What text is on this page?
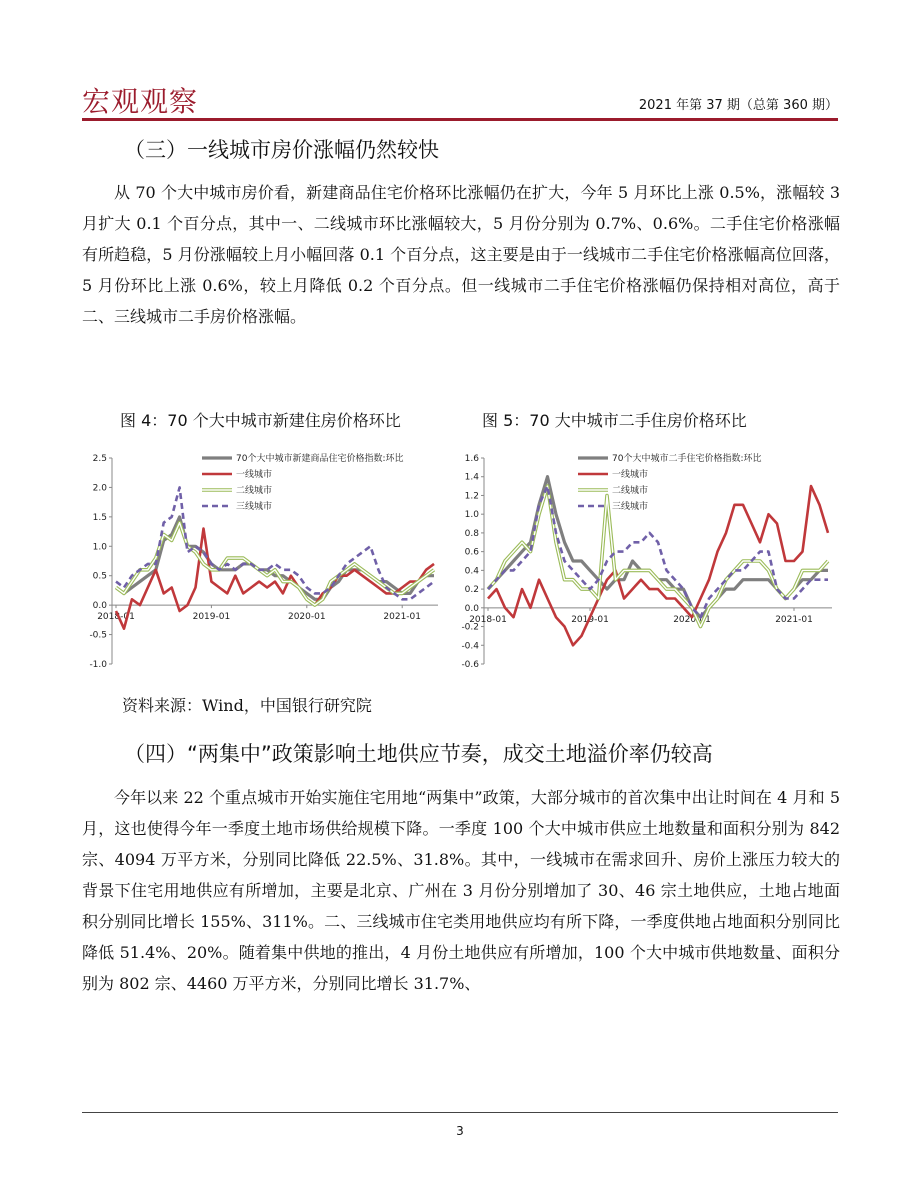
宏观观察	2021 年第 37 期（总第 360 期）
（三）一线城市房价涨幅仍然较快
从 70 个大中城市房价看，新建商品住宅价格环比涨幅仍在扩大，今年 5 月环比上涨 0.5%，涨幅较 3 月扩大 0.1 个百分点，其中一、二线城市环比涨幅较大，5 月份分别为 0.7%、0.6%。二手住宅价格涨幅有所趋稳，5 月份涨幅较上月小幅回落 0.1 个百分点，这主要是由于一线城市二手住宅价格涨幅高位回落，5 月份环比上涨 0.6%，较上月降低 0.2 个百分点。但一线城市二手住宅价格涨幅仍保持相对高位，高于二、三线城市二手房价格涨幅。
图 4：70 个大中城市新建住房价格环比	图 5：70 大中城市二手住房价格环比
2.5
2.0
1.5
1.0
0.5
0.0
-0.5
-1.0
2018-01	2019-01	2020-01	2021-01
70个大中城市新建商品住宅价格指数:环比
一线城市
二线城市
三线城市
1.6
1.4
1.2
1.0
0.8
0.6
0.4
0.2
0.0
-0.2
-0.4
-0.6
2018-01	2019-01	2020-01	2021-01
70个大中城市二手住宅价格指数:环比
一线城市
二线城市
三线城市
资料来源：Wind，中国银行研究院
（四）“两集中”政策影响土地供应节奏，成交土地溢价率仍较高
今年以来 22 个重点城市开始实施住宅用地“两集中”政策，大部分城市的首次集中出让时间在 4 月和 5 月，这也使得今年一季度土地市场供给规模下降。一季度 100 个大中城市供应土地数量和面积分别为 842 宗、4094 万平方米，分别同比降低 22.5%、31.8%。其中，一线城市在需求回升、房价上涨压力较大的背景下住宅用地供应有所增加，主要是北京、广州在 3 月份分别增加了 30、46 宗土地供应，土地占地面积分别同比增长 155%、311%。二、三线城市住宅类用地供应均有所下降，一季度供地占地面积分别同比降低 51.4%、20%。随着集中供地的推出，4 月份土地供应有所增加，100 个大中城市供地数量、面积分别为 802 宗、4460 万平方米，分别同比增长 31.7%、
3
